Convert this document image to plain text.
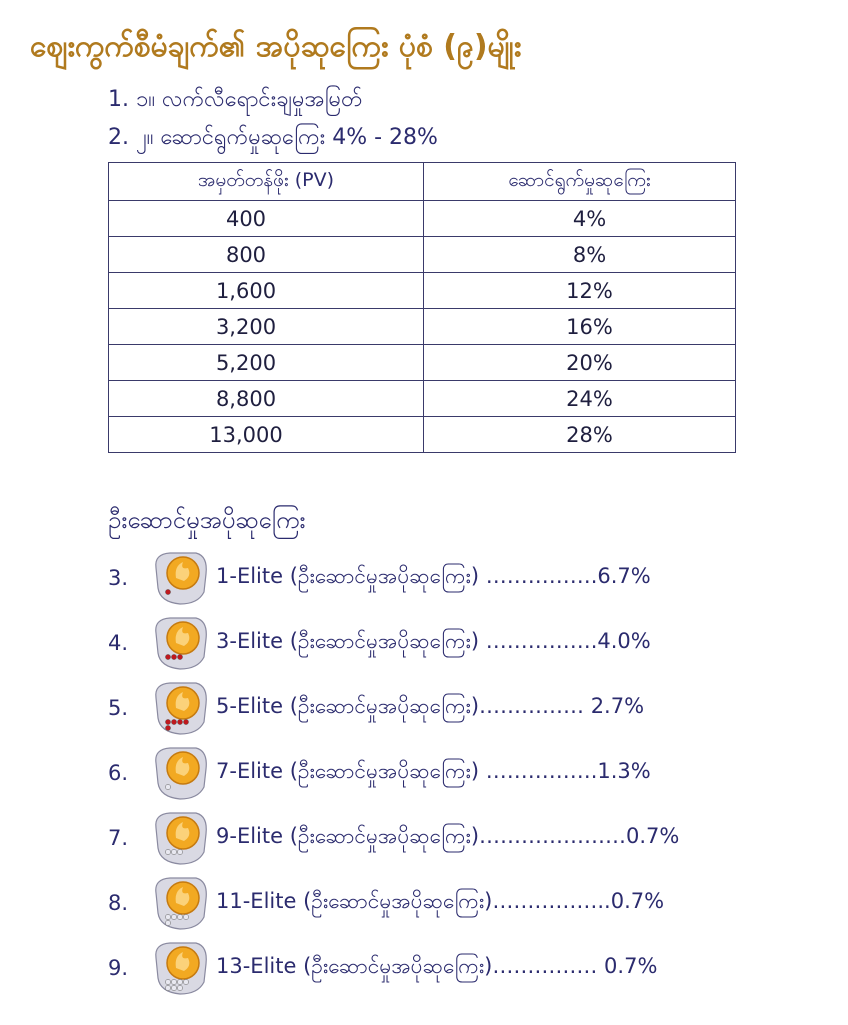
ဈေးကွက်စီမံချက်၏ အပိုဆုကြေး ပုံစံ (၉)မျိုး
1. ၁။ လက်လီရောင်းချမှုအမြတ်
2. ၂။ ဆောင်ရွက်မှုဆုကြေး 4% - 28%
အမှတ်တန်ဖိုး (PV)	ဆောင်ရွက်မှုဆုကြေး
400	4%
800	8%
1,600	12%
3,200	16%
5,200	20%
8,800	24%
13,000	28%
ဦးဆောင်မှုအပိုဆုကြေး
3.	1-Elite (ဦးဆောင်မှုအပိုဆုကြေး) …………….6.7%
4.	3-Elite (ဦးဆောင်မှုအပိုဆုကြေး) …………….4.0%
5.	5-Elite (ဦးဆောင်မှုအပိုဆုကြေး)…………… 2.7%
6.	7-Elite (ဦးဆောင်မှုအပိုဆုကြေး) …………….1.3%
7.	9-Elite (ဦးဆောင်မှုအပိုဆုကြေး)…………………0.7%
8.	11-Elite (ဦးဆောင်မှုအပိုဆုကြေး)……………..0.7%
9.	13-Elite (ဦးဆောင်မှုအပိုဆုကြေး)…………… 0.7%
